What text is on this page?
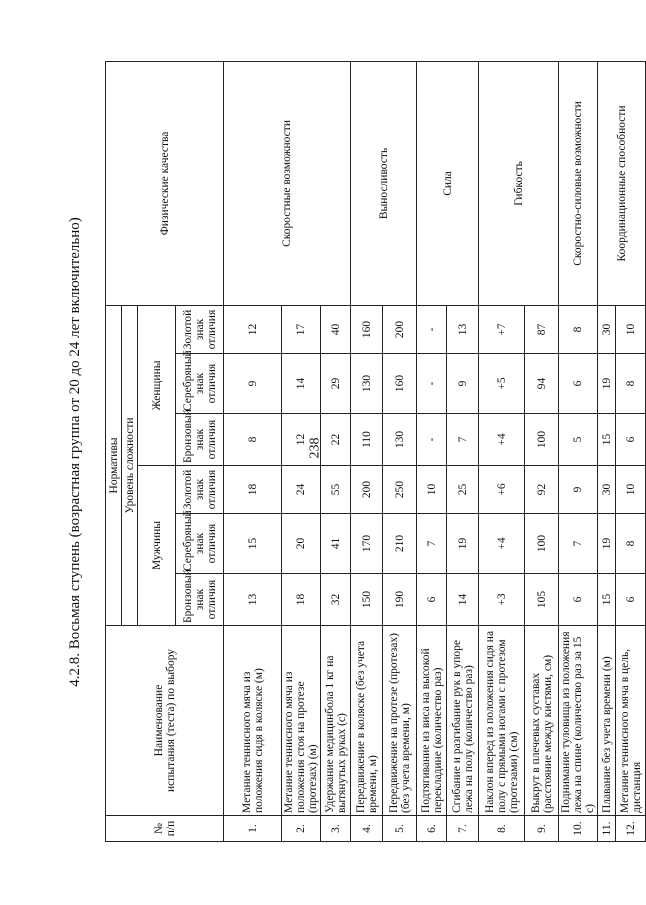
238
4.2.8. Восьмая ступень (возрастная группа от 20 до 24 лет включительно)
№ п/п	Наименование
испытания (теста) по выбору	Нормативы						Физические качества
		Уровень сложности						
		Мужчины			Женщины			
		Бронзовый знак отличия	Серебряный знак отличия	Золотой знак отличия	Бронзовый знак отличия	Серебряный знак отличия	Золотой знак отличия	
1.	Метание теннисного мяча из положения сидя в коляске (м)	13	15	18	8	9	12	Скоростные возможности
2.	Метание теннисного мяча из положения стоя на протезе (протезах) (м)	18	20	24	12	14	17	
3.	Удержание медицинбола 1 кг на вытянутых руках (с)	32	41	55	22	29	40	
4.	Передвижение в коляске (без учета времени, м)	150	170	200	110	130	160	Выносливость
5.	Передвижение на протезе (протезах) (без учета времени, м)	190	210	250	130	160	200	
6.	Подтягивание из виса на высокой перекладине (количество раз)	6	7	10	-	-	-	Сила
7.	Сгибание и разгибание рук в упоре лежа на полу (количество раз)	14	19	25	7	9	13	
8.	Наклон вперед из положения сидя на полу с прямыми ногами с протезом (протезами) (см)	+3	+4	+6	+4	+5	+7	Гибкость
9.	Выкрут в плечевых суставах (расстояние между кистями, см)	105	100	92	100	94	87	
10.	Поднимание туловища из положения лежа на спине (количество раз за 15 с)	6	7	9	5	6	8	Скоростно-силовые возможности
11.	Плавание без учета времени (м)	15	19	30	15	19	30	Координационные способности
12.	Метание теннисного мяча в цель, дистанция	6	8	10	6	8	10	
